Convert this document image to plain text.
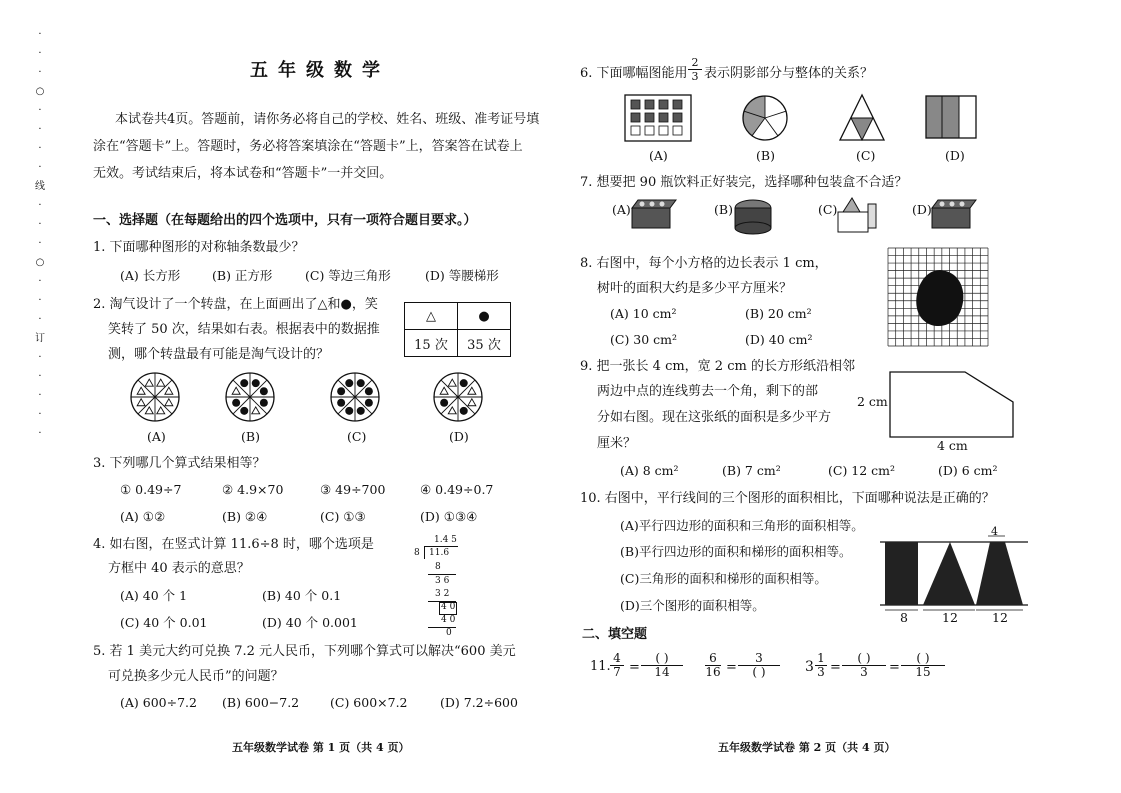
·
·
·
○
·
·
·
·
线
·
·
·
○
·
·
·
订
·
·
·
·
·
五年级数学
本试卷共4页。答题前，请你务必将自己的学校、姓名、班级、准考证号填
涂在“答题卡”上。答题时，务必将答案填涂在“答题卡”上，答案答在试卷上
无效。考试结束后，将本试卷和“答题卡”一并交回。
一、选择题（在每题给出的四个选项中，只有一项符合题目要求。）
1. 下面哪种图形的对称轴条数最少？
(A) 长方形	(B) 正方形	(C) 等边三角形	(D) 等腰梯形
2. 淘气设计了一个转盘，在上面画出了△和●，笑
笑转了 50 次，结果如右表。根据表中的数据推
测，哪个转盘最有可能是淘气设计的？
△	●
15 次	35 次
(A)	(B)	(C)	(D)
3. 下列哪几个算式结果相等？
① 0.49÷7	② 4.9×70	③ 49÷700	④ 0.49÷0.7
(A) ①②	(B) ②④	(C) ①③	(D) ①③④
4. 如右图，在竖式计算 11.6÷8 时，哪个选项是
方框中 40 表示的意思？
(A) 40 个 1	(B) 40 个 0.1
(C) 40 个 0.01	(D) 40 个 0.001
1.4 5
8 11.6
8
3 6
3 2
4 0
4 0
0
5. 若 1 美元大约可兑换 7.2 元人民币，下列哪个算式可以解决“600 美元
可兑换多少元人民币”的问题？
(A) 600÷7.2 (B) 600−7.2 (C) 600×7.2	(D) 7.2÷600
五年级数学试卷 第 1 页（共 4 页）
6. 下面哪幅图能用
2
3 表示阴影部分与整体的关系？
(A)	(B)	(C)	(D)
7. 想要把 90 瓶饮料正好装完，选择哪种包装盒不合适？
(A)	(B)	(C)	(D)
8. 右图中，每个小方格的边长表示 1 cm，
树叶的面积大约是多少平方厘米？
(A) 10 cm²	(B) 20 cm²
(C) 30 cm²	(D) 40 cm²
9. 把一张长 4 cm，宽 2 cm 的长方形纸沿相邻
两边中点的连线剪去一个角，剩下的部
分如右图。现在这张纸的面积是多少平方
厘米？
(A) 8 cm²	(B) 7 cm²	(C) 12 cm²	(D) 6 cm²
2 cm
4 cm
10. 右图中，平行线间的三个图形的面积相比，下面哪种说法是正确的？
(A)平行四边形的面积和三角形的面积相等。
(B)平行四边形的面积和梯形的面积相等。
(C)三角形的面积和梯形的面积相等。
(D)三个图形的面积相等。
8	12	12
4
二、填空题
11.
4
7 =
( )
14
6
16 =
3
( )	3
1
3 =
( )
3	=
( )
15
五年级数学试卷 第 2 页（共 4 页）
